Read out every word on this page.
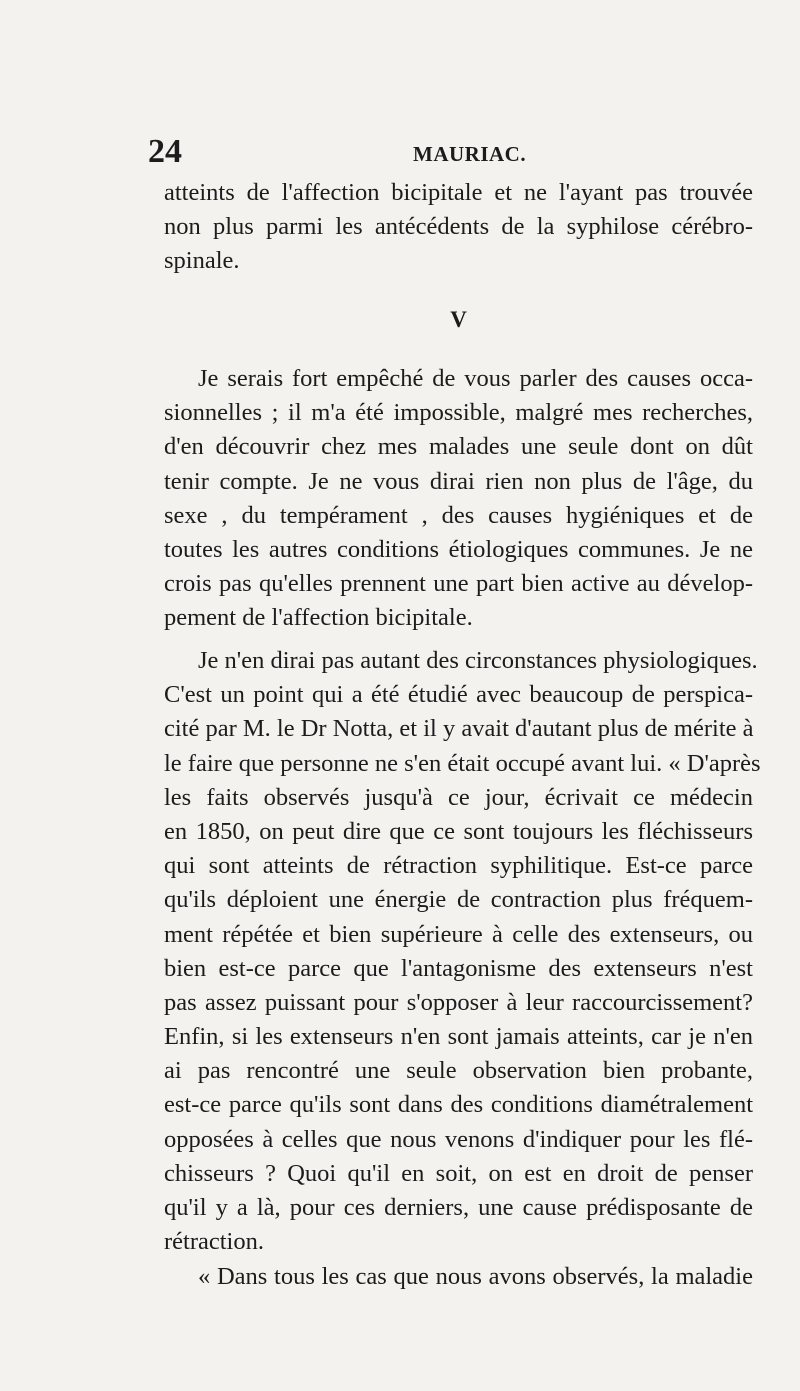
24	MAURIAC.
atteints de l'affection bicipitale et ne l'ayant pas trouvée
non plus parmi les antécédents de la syphilose cérébro-
spinale.
V
Je serais fort empêché de vous parler des causes occa-
sionnelles ; il m'a été impossible, malgré mes recherches,
d'en découvrir chez mes malades une seule dont on dût
tenir compte. Je ne vous dirai rien non plus de l'âge, du
sexe , du tempérament , des causes hygiéniques et de
toutes les autres conditions étiologiques communes. Je ne
crois pas qu'elles prennent une part bien active au dévelop-
pement de l'affection bicipitale.
Je n'en dirai pas autant des circonstances physiologiques.
C'est un point qui a été étudié avec beaucoup de perspica-
cité par M. le Dr Notta, et il y avait d'autant plus de mérite à
le faire que personne ne s'en était occupé avant lui. « D'après
les faits observés jusqu'à ce jour, écrivait ce médecin
en 1850, on peut dire que ce sont toujours les fléchisseurs
qui sont atteints de rétraction syphilitique. Est-ce parce
qu'ils déploient une énergie de contraction plus fréquem-
ment répétée et bien supérieure à celle des extenseurs, ou
bien est-ce parce que l'antagonisme des extenseurs n'est
pas assez puissant pour s'opposer à leur raccourcissement?
Enfin, si les extenseurs n'en sont jamais atteints, car je n'en
ai pas rencontré une seule observation bien probante,
est-ce parce qu'ils sont dans des conditions diamétralement
opposées à celles que nous venons d'indiquer pour les flé-
chisseurs ? Quoi qu'il en soit, on est en droit de penser
qu'il y a là, pour ces derniers, une cause prédisposante de
rétraction.
« Dans tous les cas que nous avons observés, la maladie
